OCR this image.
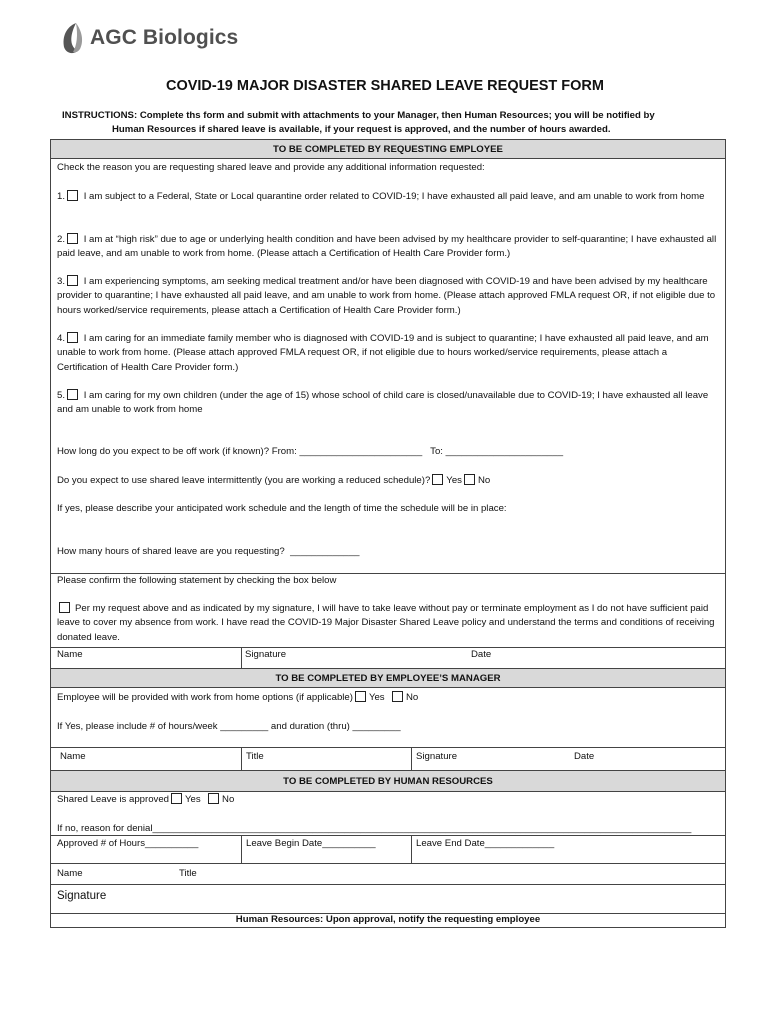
AGC Biologics
COVID-19 MAJOR DISASTER SHARED LEAVE REQUEST FORM
INSTRUCTIONS: Complete ths form and submit with attachments to your Manager, then Human Resources; you will be notified by
Human Resources if shared leave is available, if your request is approved, and the number of hours awarded.
TO BE COMPLETED BY REQUESTING EMPLOYEE
Check the reason you are requesting shared leave and provide any additional information requested:
1. I am subject to a Federal, State or Local quarantine order related to COVID-19; I have exhausted all paid leave, and am unable to work from home
2. I am at “high risk” due to age or underlying health condition and have been advised by my healthcare provider to self-quarantine; I have exhausted all paid leave, and am unable to work from home. (Please attach a Certification of Health Care Provider form.)
3. I am experiencing symptoms, am seeking medical treatment and/or have been diagnosed with COVID-19 and have been advised by my healthcare provider to quarantine; I have exhausted all paid leave, and am unable to work from home. (Please attach approved FMLA request OR, if not eligible due to hours worked/service requirements, please attach a Certification of Health Care Provider form.)
4. I am caring for an immediate family member who is diagnosed with COVID-19 and is subject to quarantine; I have exhausted all paid leave, and am unable to work from home. (Please attach approved FMLA request OR, if not eligible due to hours worked/service requirements, please attach a Certification of Health Care Provider form.)
5. I am caring for my own children (under the age of 15) whose school of child care is closed/unavailable due to COVID-19; I have exhausted all leave and am unable to work from home
How long do you expect to be off work (if known)? From: _______________________ To: ______________________
Do you expect to use shared leave intermittently (you are working a reduced schedule)? Yes No
If yes, please describe your anticipated work schedule and the length of time the schedule will be in place:
How many hours of shared leave are you requesting? _____________
Please confirm the following statement by checking the box below
Per my request above and as indicated by my signature, I will have to take leave without pay or terminate employment as I do not have sufficient paid leave to cover my absence from work. I have read the COVID-19 Major Disaster Shared Leave policy and understand the terms and conditions of receiving donated leave.
Name	Signature	Date
TO BE COMPLETED BY EMPLOYEE’S MANAGER
Employee will be provided with work from home options (if applicable) Yes No
If Yes, please include # of hours/week _________ and duration (thru) _________
Name	Title	Signature	Date
TO BE COMPLETED BY HUMAN RESOURCES
Shared Leave is approved Yes No
If no, reason for denial_____________________________________________________________________________________________________
Approved # of Hours__________	Leave Begin Date__________	Leave End Date_____________
Name	Title
Signature
Human Resources: Upon approval, notify the requesting employee
